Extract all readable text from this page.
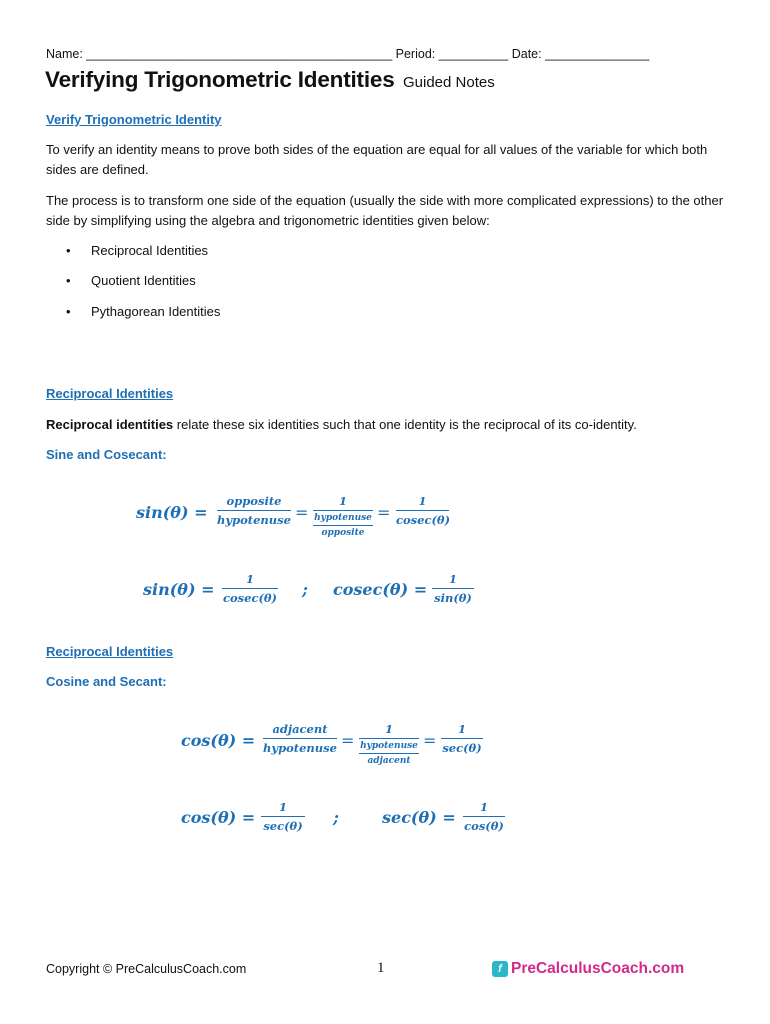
Name: ____________________________________________ Period: __________ Date: _______________
Verifying Trigonometric Identities Guided Notes
Verify Trigonometric Identity
To verify an identity means to prove both sides of the equation are equal for all values of the variable for which both sides are defined.
The process is to transform one side of the equation (usually the side with more complicated expressions) to the other side by simplifying using the algebra and trigonometric identities given below:
• Reciprocal Identities
• Quotient Identities
• Pythagorean Identities
Reciprocal Identities
Reciprocal identities relate these six identities such that one identity is the reciprocal of its co-identity.
Sine and Cosecant:
sin(θ) =
opposite
hypotenuse =
1
hypotenuse
opposite
=
1
cosec(θ)
sin(θ) =
1
cosec(θ) ; cosec(θ) =
1
sin(θ)
Reciprocal Identities
Cosine and Secant:
cos(θ) =
adjacent
hypotenuse =
1
hypotenuse
adjacent
=
1
sec(θ)
cos(θ) =
1
sec(θ) ;	sec(θ) =
1
cos(θ)
Copyright © PreCalculusCoach.com	1	f PreCalculusCoach.com
